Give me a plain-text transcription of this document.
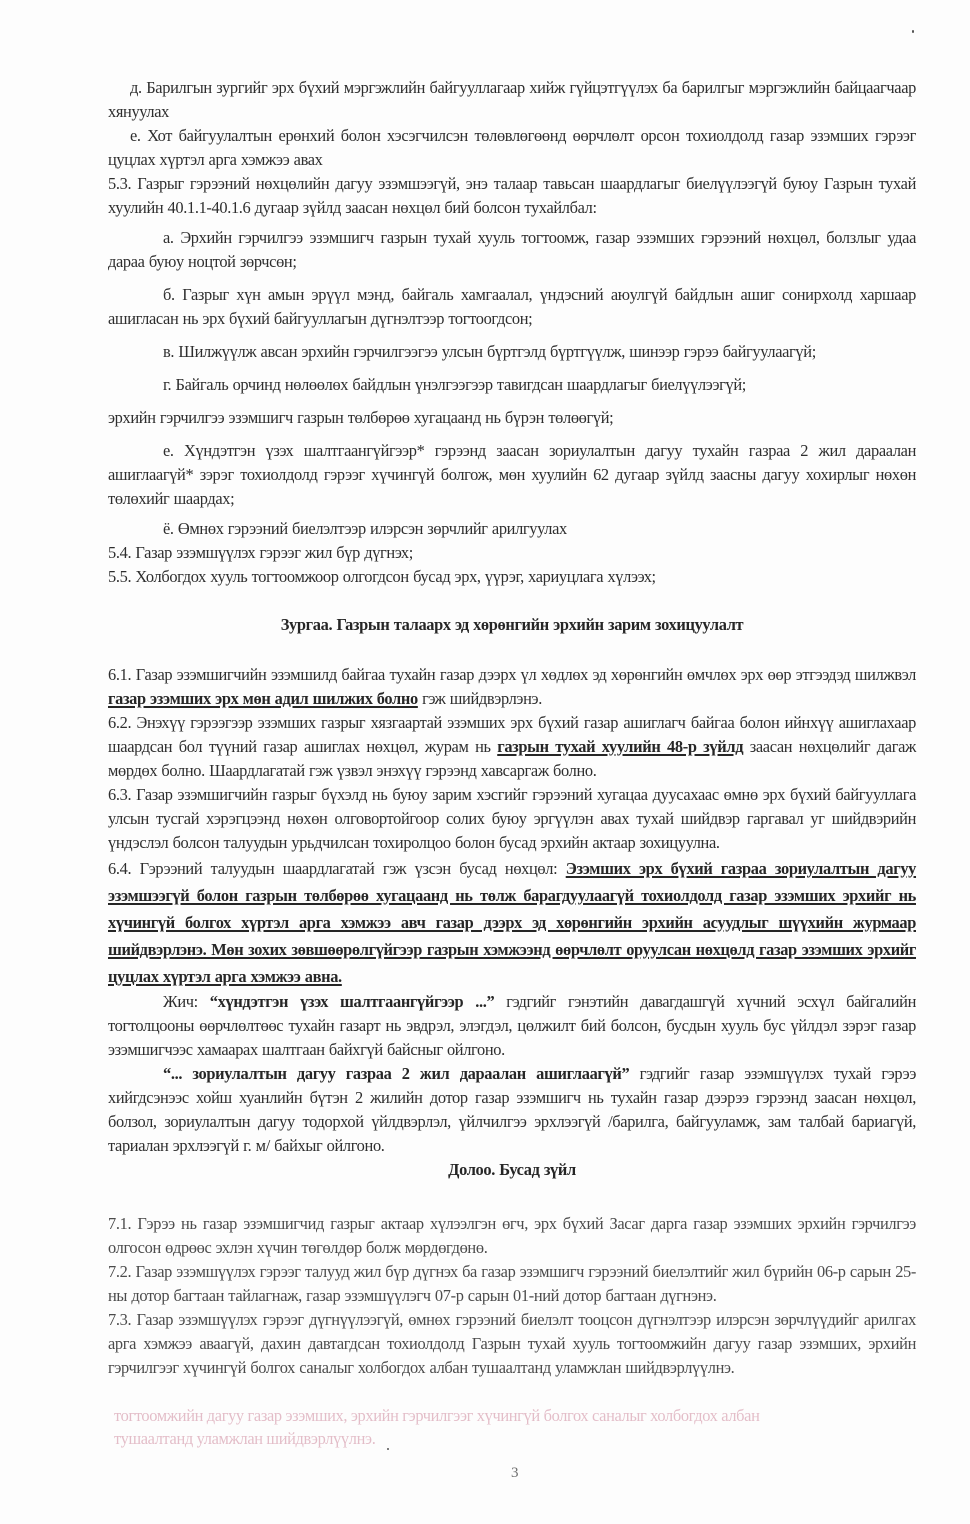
д. Барилгын зургийг эрх бүхий мэргэжлийн байгууллагаар хийж гүйцэтгүүлэх ба барилгыг мэргэжлийн байцаагчаар хянуулах

е. Хот байгуулалтын ерөнхий болон хэсэгчилсэн төлөвлөгөөнд өөрчлөлт орсон тохиолдолд газар эзэмших гэрээг цуцлах хүртэл арга хэмжээ авах

5.3. Газрыг гэрээний нөхцөлийн дагуу эзэмшээгүй, энэ талаар тавьсан шаардлагыг биелүүлээгүй буюу Газрын тухай хуулийн 40.1.1-40.1.6 дугаар зүйлд заасан нөхцөл бий болсон тухайлбал:

а. Эрхийн гэрчилгээ эзэмшигч газрын тухай хууль тогтоомж, газар эзэмших гэрээний нөхцөл, болзлыг удаа дараа буюу ноцтой зөрчсөн;

б. Газрыг хүн амын эрүүл мэнд, байгаль хамгаалал, үндэсний аюулгүй байдлын ашиг сонирхолд харшаар ашигласан нь эрх бүхий байгууллагын дүгнэлтээр тогтоогдсон;

в. Шилжүүлж авсан эрхийн гэрчилгээгээ улсын бүртгэлд бүртгүүлж, шинээр гэрээ байгуулаагүй;

г. Байгаль орчинд нөлөөлөх байдлын үнэлгээгээр тавигдсан шаардлагыг биелүүлээгүй;

эрхийн гэрчилгээ эзэмшигч газрын төлбөрөө хугацаанд нь бүрэн төлөөгүй;

е. Хүндэтгэн үзэх шалтгаангүйгээр* гэрээнд заасан зориулалтын дагуу тухайн газраа 2 жил дараалан ашиглаагүй* зэрэг тохиолдолд гэрээг хүчингүй болгож, мөн хуулийн 62 дугаар зүйлд заасны дагуу хохирлыг нөхөн төлөхийг шаардах;

ё. Өмнөх гэрээний биелэлтээр илэрсэн зөрчлийг арилгуулах

5.4. Газар эзэмшүүлэх гэрээг жил бүр дүгнэх;

5.5. Холбогдох хууль тогтоомжоор олгогдсон бусад эрх, үүрэг, хариуцлага хүлээх;

Зургаа. Газрын талаарх эд хөрөнгийн эрхийн зарим зохицуулалт

6.1. Газар эзэмшигчийн эзэмшилд байгаа тухайн газар дээрх үл хөдлөх эд хөрөнгийн өмчлөх эрх өөр этгээдэд шилжвэл газар эзэмших эрх мөн адил шилжих болно гэж шийдвэрлэнэ.

6.2. Энэхүү гэрээгээр эзэмших газрыг хязгаартай эзэмших эрх бүхий газар ашиглагч байгаа болон ийнхүү ашиглахаар шаардсан бол түүний газар ашиглах нөхцөл, журам нь газрын тухай хуулийн 48-р зүйлд заасан нөхцөлийг дагаж мөрдөх болно. Шаардлагатай гэж үзвэл энэхүү гэрээнд хавсаргаж болно.

6.3. Газар эзэмшигчийн газрыг бүхэлд нь буюу зарим хэсгийг гэрээний хугацаа дуусахаас өмнө эрх бүхий байгууллага улсын тусгай хэрэгцээнд нөхөн олговортойгоор солих буюу эргүүлэн авах тухай шийдвэр гаргавал уг шийдвэрийн үндэслэл болсон талуудын урьдчилсан тохиролцоо болон бусад эрхийн актаар зохицуулна.

6.4. Гэрээний талуудын шаардлагатай гэж үзсэн бусад нөхцөл: Эзэмших эрх бүхий газраа зориулалтын дагуу эзэмшээгүй болон газрын төлбөрөө хугацаанд нь төлж барагдуулаагүй тохиолдолд газар эзэмших эрхийг нь хүчингүй болгох хүртэл арга хэмжээ авч газар дээрх эд хөрөнгийн эрхийн асуудлыг шүүхийн журмаар шийдвэрлэнэ. Мөн зохих зөвшөөрөлгүйгээр газрын хэмжээнд өөрчлөлт оруулсан нөхцөлд газар эзэмших эрхийг цуцлах хүртэл арга хэмжээ авна.

Жич: “хүндэтгэн үзэх шалтгаангүйгээр ...” гэдгийг гэнэтийн давагдашгүй хүчний эсхүл байгалийн тогтолцооны өөрчлөлтөөс тухайн газарт нь эвдрэл, элэгдэл, цөлжилт бий болсон, бусдын хууль бус үйлдэл зэрэг газар эзэмшигчээс хамаарах шалтгаан байхгүй байсныг ойлгоно.

“... зориулалтын дагуу газраа 2 жил дараалан ашиглаагүй” гэдгийг газар эзэмшүүлэх тухай гэрээ хийгдсэнээс хойш хуанлийн бүтэн 2 жилийн дотор газар эзэмшигч нь тухайн газар дээрээ гэрээнд заасан нөхцөл, болзол, зориулалтын дагуу тодорхой үйлдвэрлэл, үйлчилгээ эрхлээгүй /барилга, байгууламж, зам талбай бариагүй, тариалан эрхлээгүй г. м/ байхыг ойлгоно.

Долоо. Бусад зүйл

7.1. Гэрээ нь газар эзэмшигчид газрыг актаар хүлээлгэн өгч, эрх бүхий Засаг дарга газар эзэмших эрхийн гэрчилгээ олгосон өдрөөс эхлэн хүчин төгөлдөр болж мөрдөгдөнө.

7.2. Газар эзэмшүүлэх гэрээг талууд жил бүр дүгнэх ба газар эзэмшигч гэрээний биелэлтийг жил бүрийн 06-р сарын 25-ны дотор багтаан тайлагнаж, газар эзэмшүүлэгч 07-р сарын 01-ний дотор багтаан дүгнэнэ.

7.3. Газар эзэмшүүлэх гэрээг дүгнүүлээгүй, өмнөх гэрээний биелэлт тооцсон дүгнэлтээр илэрсэн зөрчлүүдийг арилгах арга хэмжээ аваагүй, дахин давтагдсан тохиолдолд Газрын тухай хууль тогтоомжийн дагуу газар эзэмших, эрхийн гэрчилгээг хүчингүй болгох саналыг холбогдох албан тушаалтанд уламжлан шийдвэрлүүлнэ.

тогтоомжийн дагуу газар эзэмших, эрхийн гэрчилгээг хүчингүй болгох саналыг холбогдох албан
тушаалтанд уламжлан шийдвэрлүүлнэ.
3
